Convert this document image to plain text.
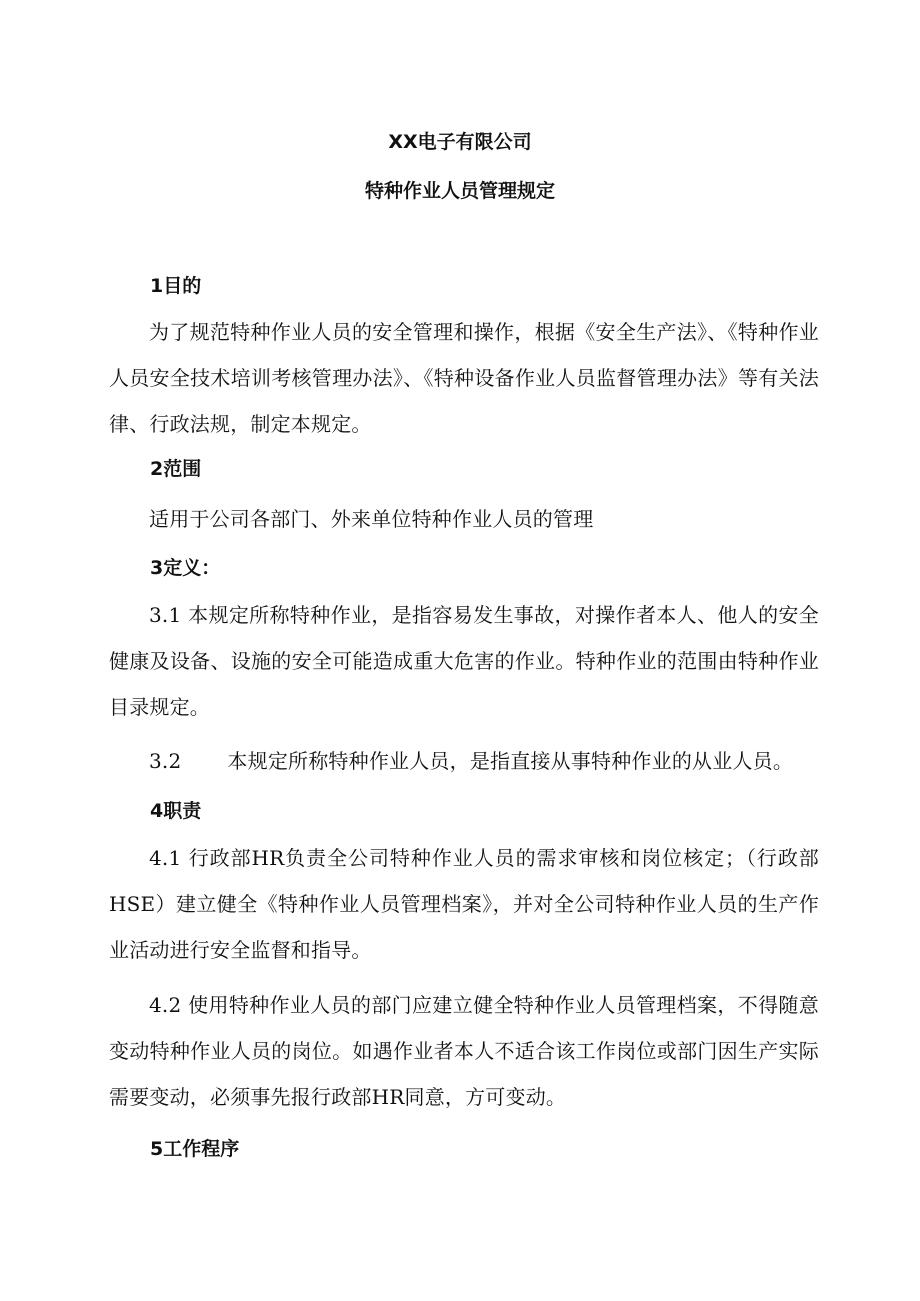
XX电子有限公司
特种作业人员管理规定
1目的
为了规范特种作业人员的安全管理和操作，根据《安全生产法》、《特种作业人员安全技术培训考核管理办法》、《特种设备作业人员监督管理办法》等有关法律、行政法规，制定本规定。
2范围
适用于公司各部门、外来单位特种作业人员的管理
3定义：
3.1 本规定所称特种作业，是指容易发生事故，对操作者本人、他人的安全健康及设备、设施的安全可能造成重大危害的作业。特种作业的范围由特种作业目录规定。
3.2 本规定所称特种作业人员，是指直接从事特种作业的从业人员。
4职责
4.1 行政部HR负责全公司特种作业人员的需求审核和岗位核定；（行政部HSE）建立健全《特种作业人员管理档案》，并对全公司特种作业人员的生产作业活动进行安全监督和指导。
4.2 使用特种作业人员的部门应建立健全特种作业人员管理档案，不得随意变动特种作业人员的岗位。如遇作业者本人不适合该工作岗位或部门因生产实际需要变动，必须事先报行政部HR同意，方可变动。
5工作程序
